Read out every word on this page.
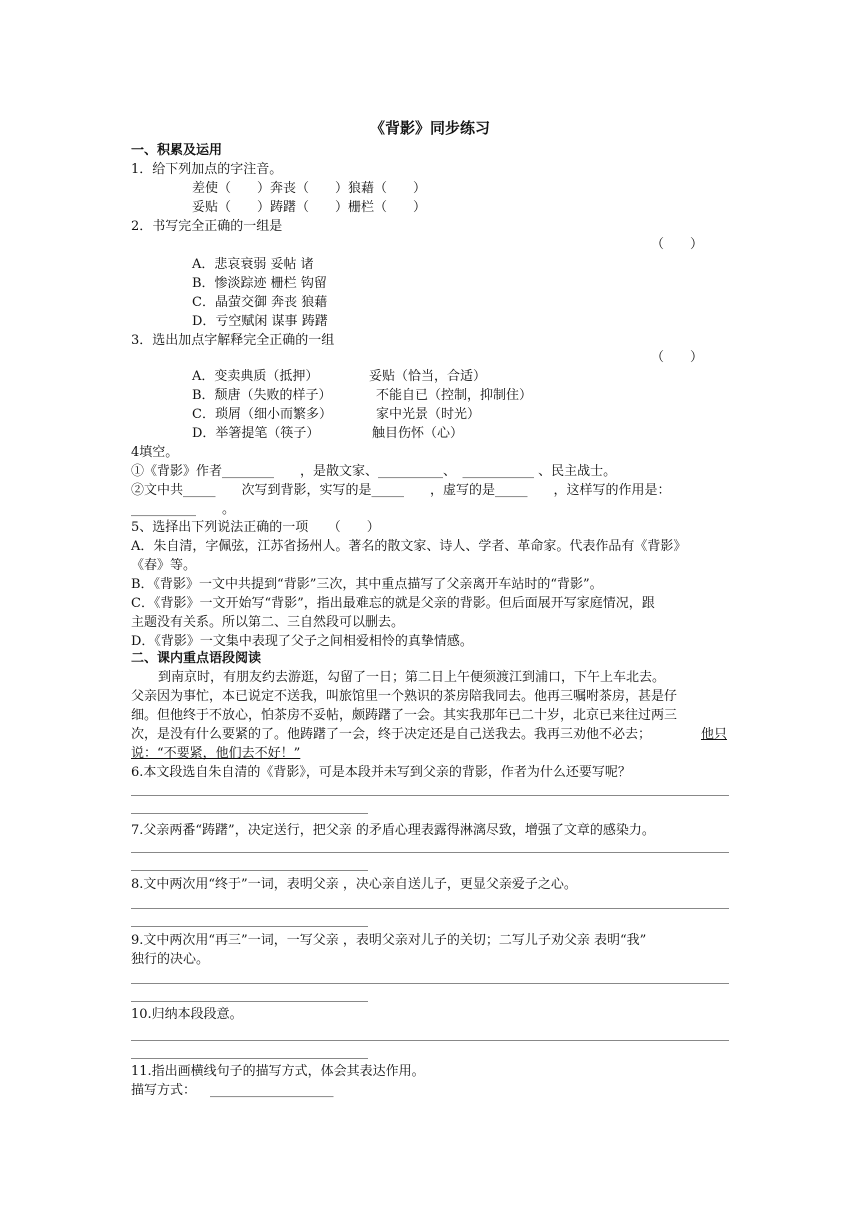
《背影》同步练习
一、积累及运用
1．给下列加点的字注音。
差使（　　）奔丧（　　）狼藉（　　）
妥贴（　　）踌躇（　　）栅栏（　　）
2．书写完全正确的一组是
（　　）
A．悲哀衰弱 妥帖 诸
B．惨淡踪迹 栅栏 钩留
C．晶萤交御 奔丧 狼藉
D．亏空赋闲 谋事 踌躇
3．选出加点字解释完全正确的一组
（　　）
A．变卖典质（抵押）	妥贴（恰当，合适）
B．颓唐（失败的样子）	不能自已（控制，抑制住）
C．琐屑（细小而繁多）	家中光景（时光）
D．举箸提笔（筷子）	触目伤怀（心）
4填空。
①《背影》作者________　　，是散文家、__________、　___________ 、民主战士。
②文中共_____　　次写到背影，实写的是_____　　，虚写的是_____　　，这样写的作用是：
__________　　。
5、选择出下列说法正确的一项　　（　　）
A．朱自清，字佩弦，江苏省扬州人。著名的散文家、诗人、学者、革命家。代表作品有《背影》
《春》等。
B．《背影》一文中共提到“背影”三次，其中重点描写了父亲离开车站时的“背影”。
C．《背影》一文开始写“背影”，指出最难忘的就是父亲的背影。但后面展开写家庭情况，跟
主题没有关系。所以第二、三自然段可以删去。
D．《背影》一文集中表现了父子之间相爱相怜的真挚情感。
二、课内重点语段阅读
到南京时，有朋友约去游逛，勾留了一日；第二日上午便须渡江到浦口，下午上车北去。
父亲因为事忙，本已说定不送我，叫旅馆里一个熟识的茶房陪我同去。他再三嘱咐茶房，甚是仔
细。但他终于不放心，怕茶房不妥帖，颇踌躇了一会。其实我那年已二十岁，北京已来往过两三
次，是没有什么要紧的了。他踌躇了一会，终于决定还是自己送我去。我再三劝他不必去；	他只
说：“不要紧，他们去不好！”
6.本文段选自朱自清的《背影》，可是本段并未写到父亲的背影，作者为什么还要写呢？
7.父亲两番“踌躇”，决定送行，把父亲 的矛盾心理表露得淋漓尽致，增强了文章的感染力。
8.文中两次用“终于”一词，表明父亲 ，决心亲自送儿子，更显父亲爱子之心。
9.文中两次用“再三”一词，一写父亲 ，表明父亲对儿子的关切；二写儿子劝父亲 表明“我”
独行的决心。
10.归纳本段段意。
11.指出画横线句子的描写方式，体会其表达作用。
描写方式： ___________________
